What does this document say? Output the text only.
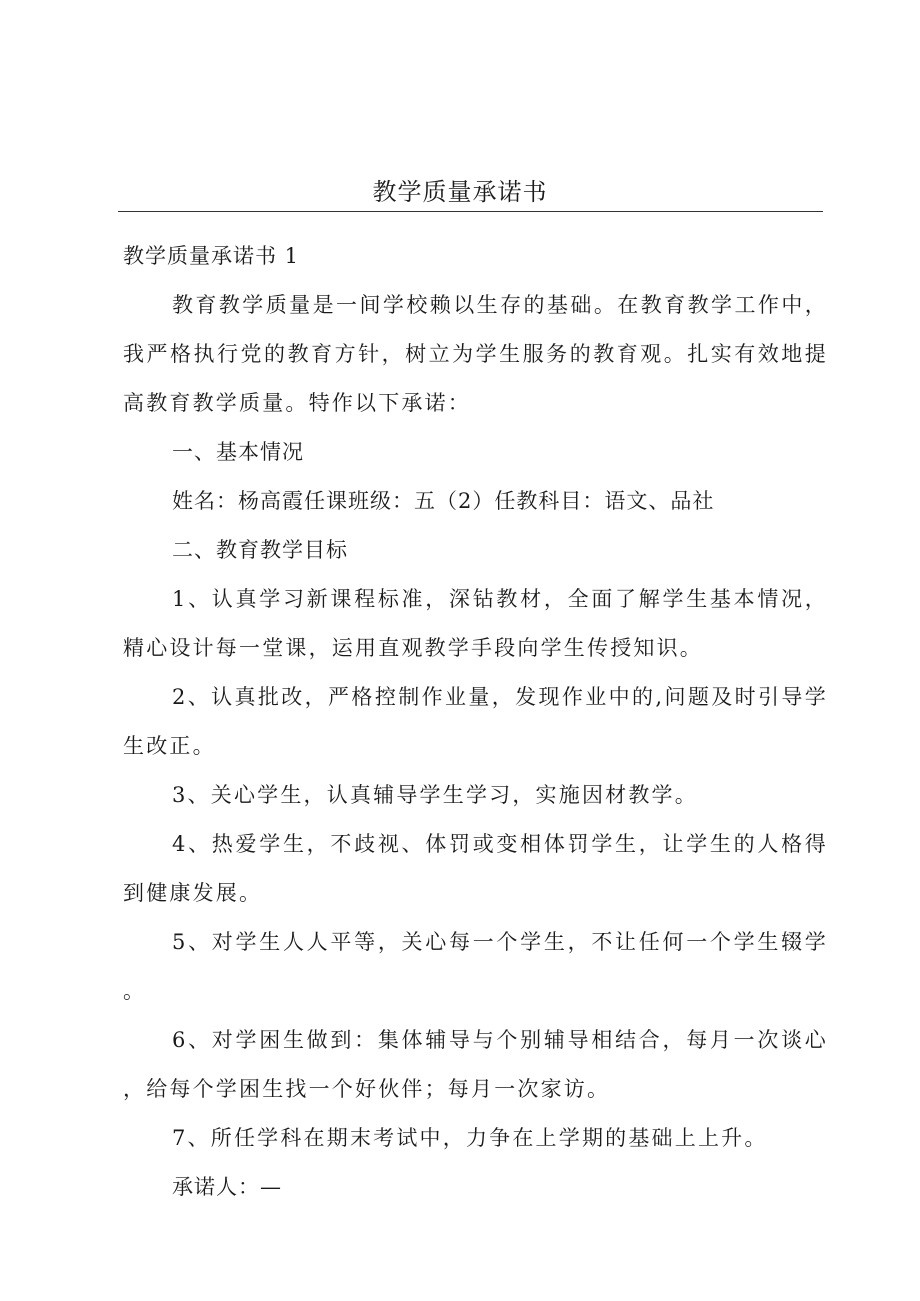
教学质量承诺书

教学质量承诺书 1

教育教学质量是一间学校赖以生存的基础。在教育教学工作中，我严格执行党的教育方针，树立为学生服务的教育观。扎实有效地提高教育教学质量。特作以下承诺：

一、基本情况

姓名：杨高霞任课班级：五（2）任教科目：语文、品社

二、教育教学目标

1、认真学习新课程标准，深钻教材，全面了解学生基本情况，精心设计每一堂课，运用直观教学手段向学生传授知识。

2、认真批改，严格控制作业量，发现作业中的,问题及时引导学生改正。

3、关心学生，认真辅导学生学习，实施因材教学。

4、热爱学生，不歧视、体罚或变相体罚学生，让学生的人格得到健康发展。

5、对学生人人平等，关心每一个学生，不让任何一个学生辍学。

6、对学困生做到：集体辅导与个别辅导相结合，每月一次谈心，给每个学困生找一个好伙伴；每月一次家访。

7、所任学科在期末考试中，力争在上学期的基础上上升。

承诺人：—
